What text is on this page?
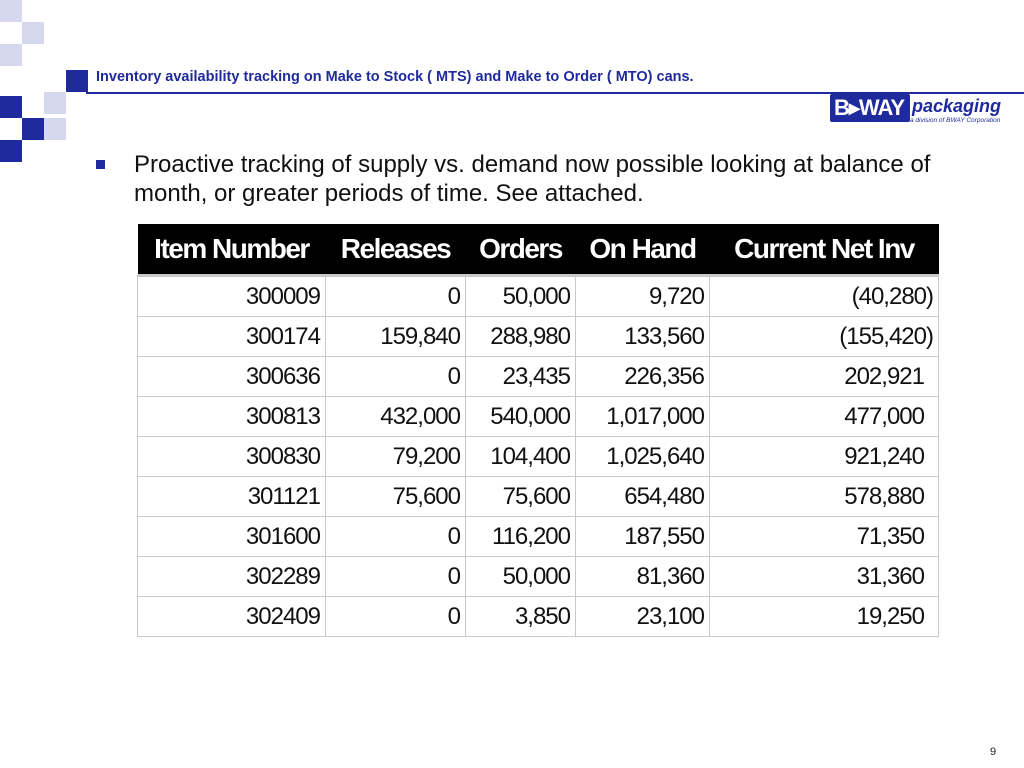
Inventory availability tracking on Make to Stock ( MTS) and Make to Order ( MTO) cans.
B▸WAY packaging
a division of BWAY Corporation
Proactive tracking of supply vs. demand now possible looking at balance of month, or greater periods of time. See attached.
Item Number	Releases	Orders	On Hand	Current Net Inv
300009	0	50,000	9,720	(40,280)
300174	159,840	288,980	133,560	(155,420)
300636	0	23,435	226,356	202,921
300813	432,000	540,000	1,017,000	477,000
300830	79,200	104,400	1,025,640	921,240
301121	75,600	75,600	654,480	578,880
301600	0	116,200	187,550	71,350
302289	0	50,000	81,360	31,360
302409	0	3,850	23,100	19,250
9
